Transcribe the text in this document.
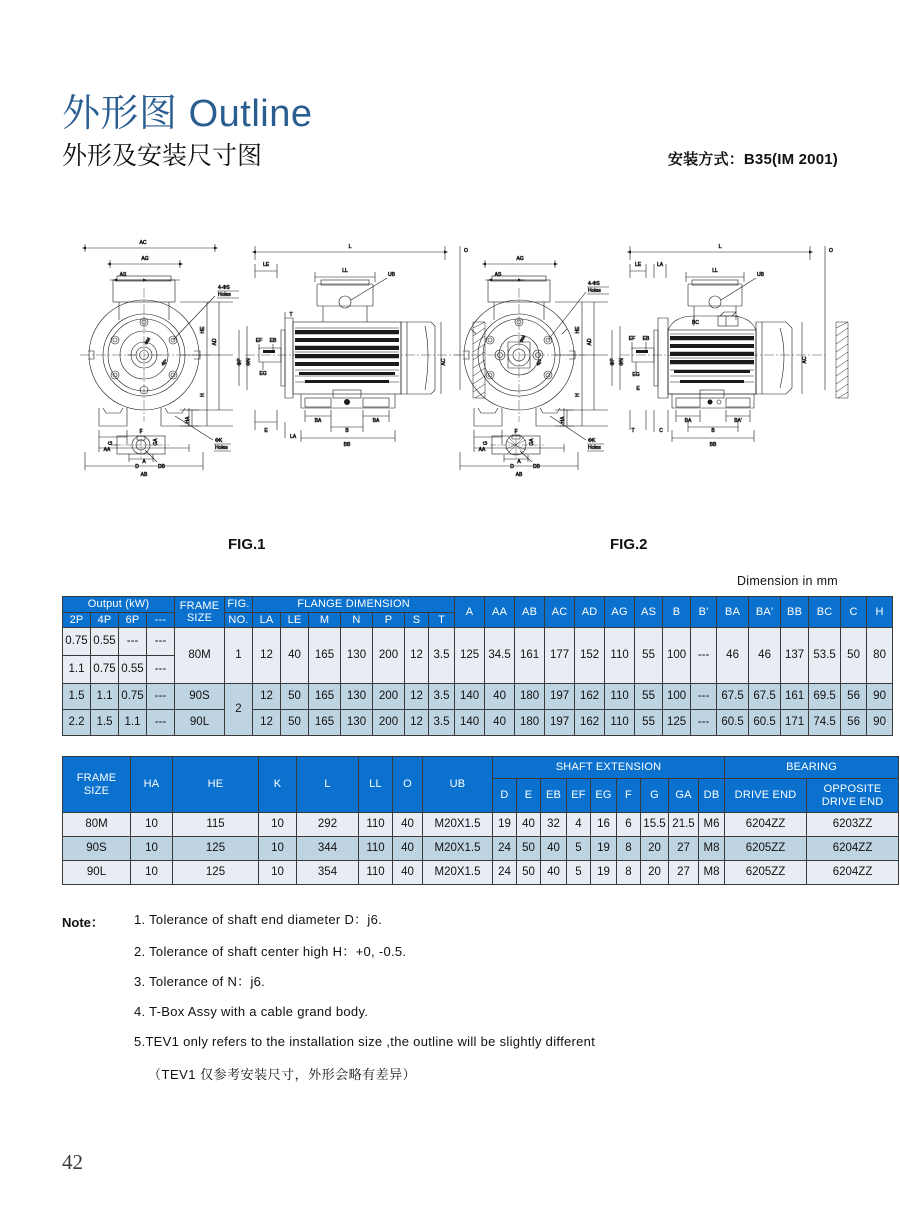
外形图 Outline
外形及安装尺寸图	安装方式：B35(IM 2001)
AC
AG
AS
4-ΦS
Holes
ΦM
45°
HE
AD
H
HA
AA
A
AB
ΦK
Holes
F
G	GA
D	DB
L
O
LE
LL
UB
AC
BA	BA
B
BB
E
LA
ΦP ΦN
EF EB
EG
T
AG
AS
4-ΦS
Holes
ΦM
45°
HE
AD
H
HA
AA
A
AB
ΦK
Holes
F
G	GA
D	DB
L
O
LE	LA
LL
UB
BC
AC
BA	BA'
B
BB
T	C
ΦP ΦN
EF EB
EG
E
FIG.1	FIG.2
Dimension in mm
Output (kW)				FRAME
SIZE	FIG.	FLANGE DIMENSION							A	AA	AB	AC	AD	AG	AS	B	B'	BA	BA'	BB	BC	C	H
2P	4P	6P	---		NO.	LA	LE	M	N	P	S	T															
0.75	0.55	---	---	80M	1	12	40	165	130	200	12	3.5	125	34.5	161	177	152	110	55	100	---	46	46	137	53.5	50	80
1.1	0.75	0.55	---																								
1.5	1.1	0.75	---	90S	2	12	50	165	130	200	12	3.5	140	40	180	197	162	110	55	100	---	67.5	67.5	161	69.5	56	90
2.2	1.5	1.1	---	90L		12	50	165	130	200	12	3.5	140	40	180	197	162	110	55	125	---	60.5	60.5	171	74.5	56	90
FRAME
SIZE	HA	HE	K	L	LL	O	UB	SHAFT EXTENSION									BEARING	
								D	E	EB	EF	EG	F	G	GA	DB	DRIVE END	OPPOSITE
DRIVE END
80M	10	115	10	292	110	40	M20X1.5	19	40	32	4	16	6	15.5	21.5	M6	6204ZZ	6203ZZ
90S	10	125	10	344	110	40	M20X1.5	24	50	40	5	19	8	20	27	M8	6205ZZ	6204ZZ
90L	10	125	10	354	110	40	M20X1.5	24	50	40	5	19	8	20	27	M8	6205ZZ	6204ZZ
Note：	1. Tolerance of shaft end diameter D：j6.
2. Tolerance of shaft center high H：+0, -0.5.
3. Tolerance of N：j6.
4. T-Box Assy with a cable grand body.
5.TEV1 only refers to the installation size ,the outline will be slightly different
（TEV1 仅参考安装尺寸，外形会略有差异）
42
